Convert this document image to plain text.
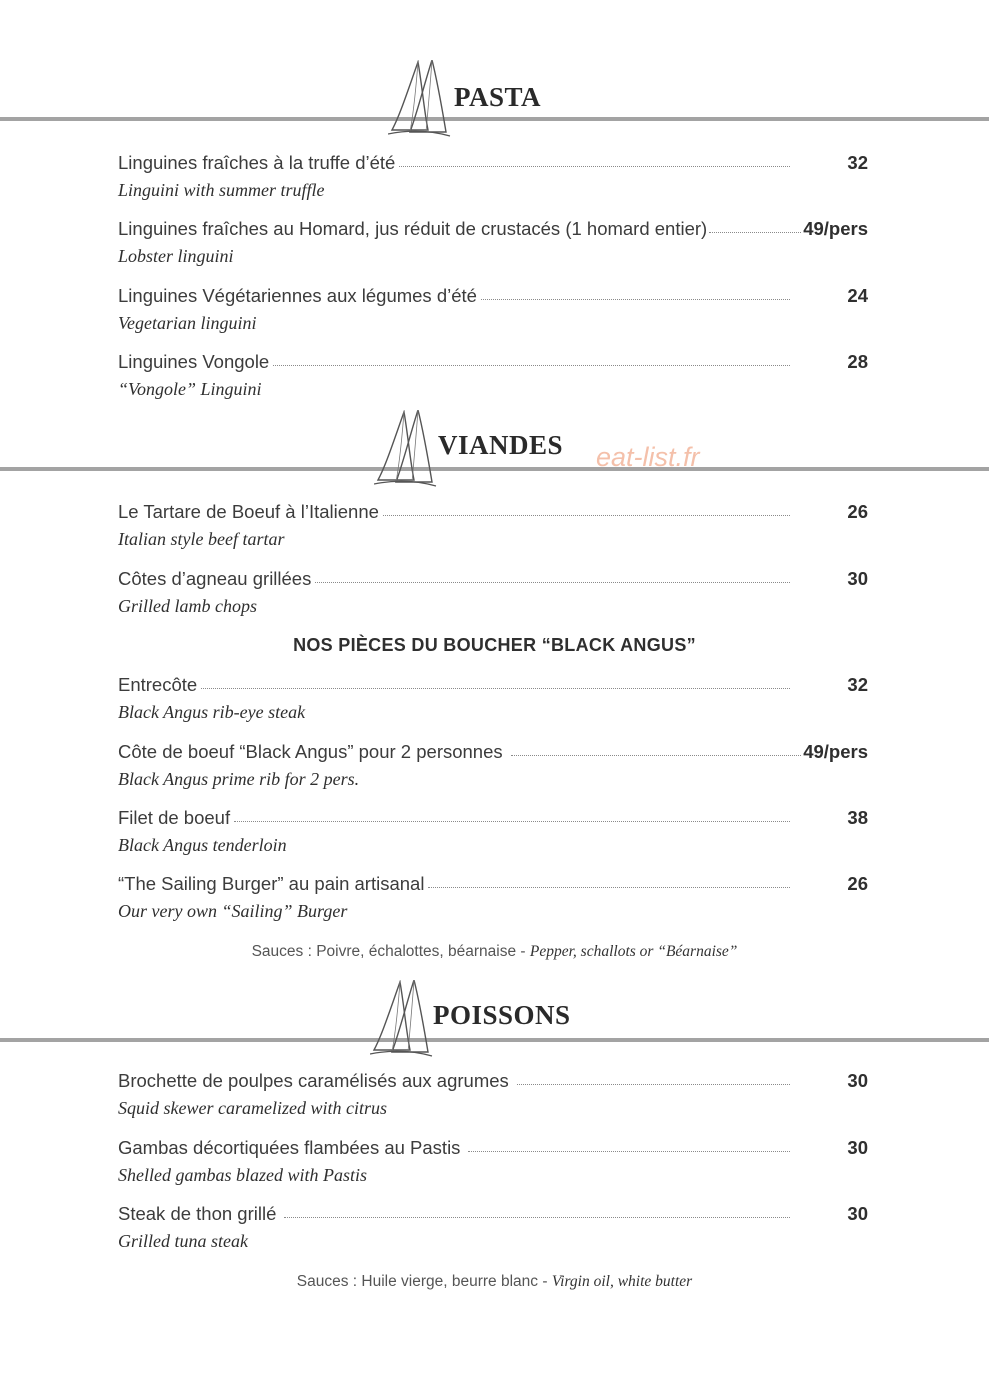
PASTA
Linguines fraîches à la truffe d’été	32
Linguini with summer truffle
Linguines fraîches au Homard, jus réduit de crustacés (1 homard entier)	49/pers
Lobster linguini
Linguines Végétariennes aux légumes d’été	24
Vegetarian linguini
Linguines Vongole	28
“Vongole” Linguini
VIANDES eat-list.fr
Le Tartare de Boeuf à l’Italienne	26
Italian style beef tartar
Côtes d’agneau grillées	30
Grilled lamb chops
NOS PIÈCES DU BOUCHER “BLACK ANGUS”
Entrecôte	32
Black Angus rib-eye steak
Côte de boeuf “Black Angus” pour 2 personnes	49/pers
Black Angus prime rib for 2 pers.
Filet de boeuf	38
Black Angus tenderloin
“The Sailing Burger” au pain artisanal	26
Our very own “Sailing” Burger
Sauces : Poivre, échalottes, béarnaise - Pepper, schallots or “Béarnaise”
POISSONS
Brochette de poulpes caramélisés aux agrumes	30
Squid skewer caramelized with citrus
Gambas décortiquées flambées au Pastis	30
Shelled gambas blazed with Pastis
Steak de thon grillé	30
Grilled tuna steak
Sauces : Huile vierge, beurre blanc - Virgin oil, white butter
